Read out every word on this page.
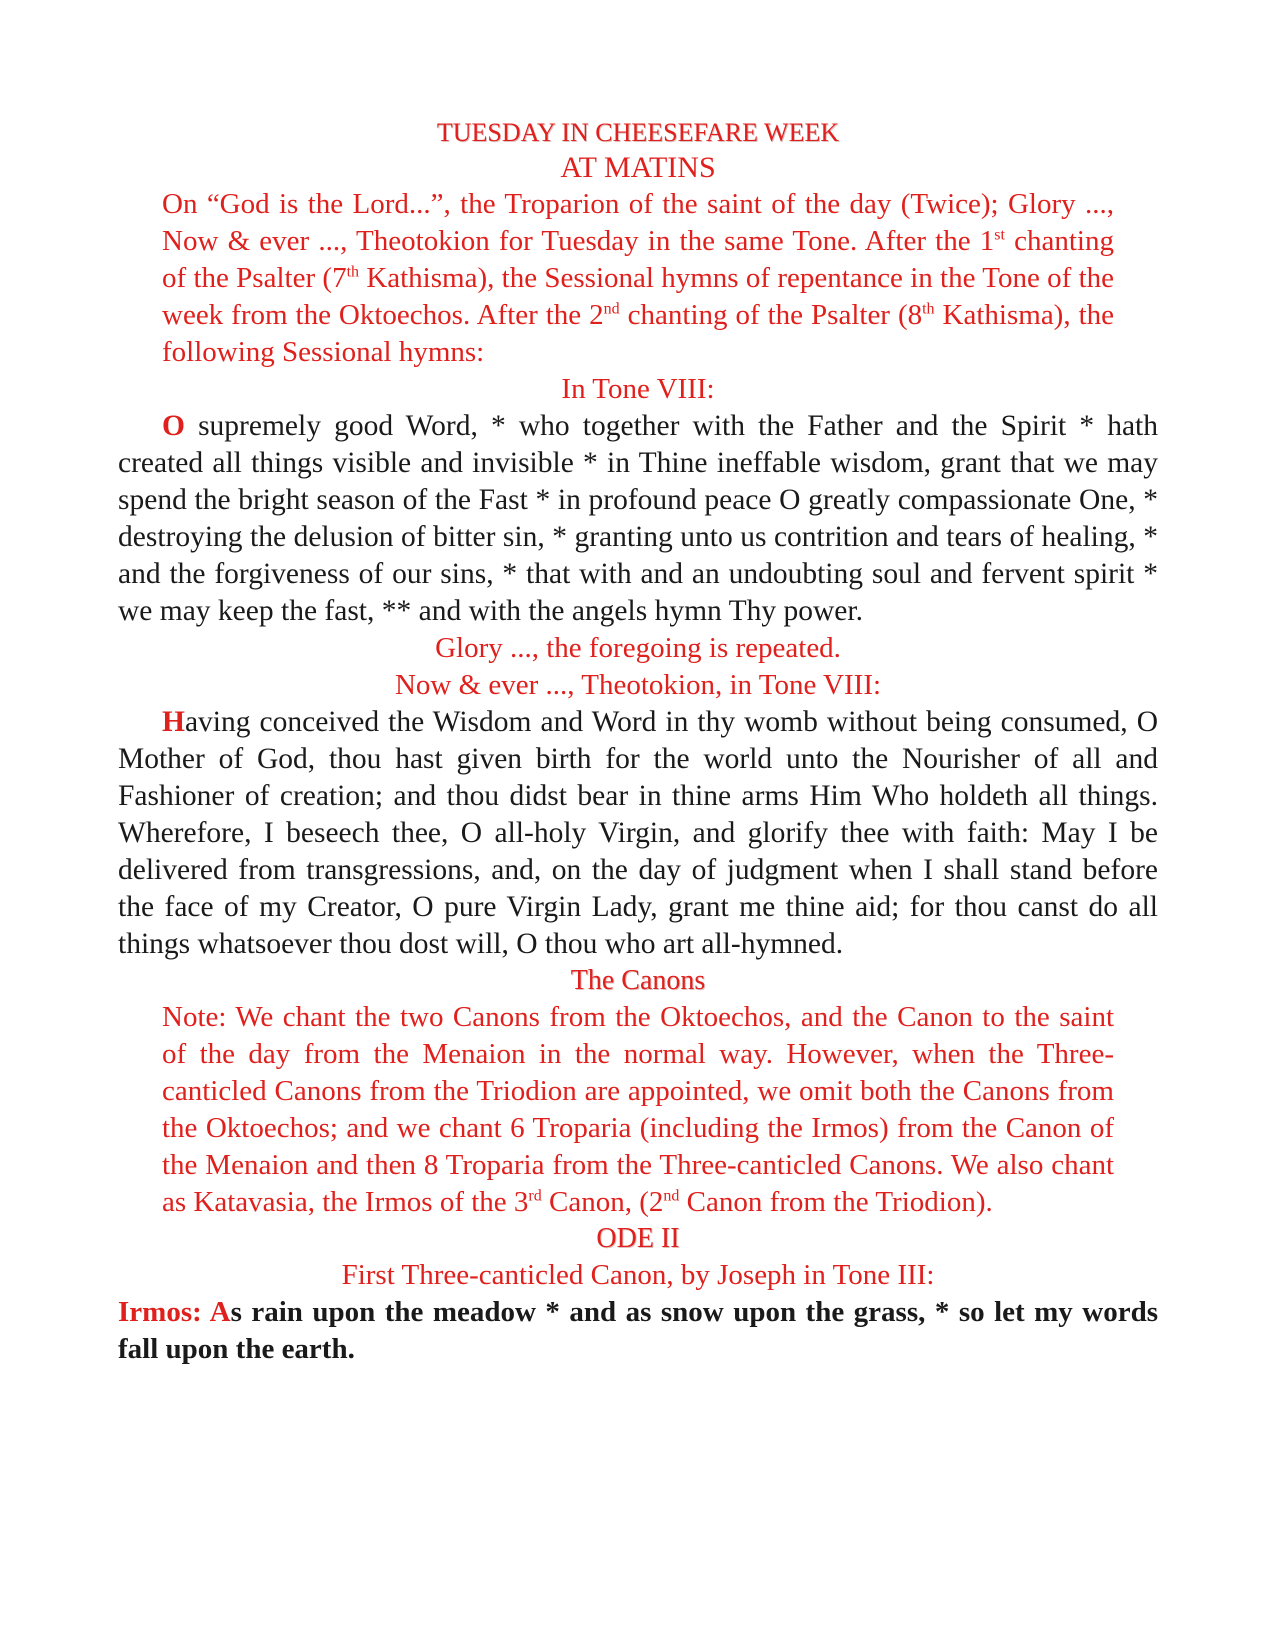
TUESDAY IN CHEESEFARE WEEK

AT MATINS

On “God is the Lord...”, the Troparion of the saint of the day (Twice); Glory ..., Now & ever ..., Theotokion for Tuesday in the same Tone. After the 1st chanting of the Psalter (7th Kathisma), the Sessional hymns of repentance in the Tone of the week from the Oktoechos. After the 2nd chanting of the Psalter (8th Kathisma), the following Sessional hymns:

In Tone VIII:

O supremely good Word, * who together with the Father and the Spirit * hath created all things visible and invisible * in Thine ineffable wisdom, grant that we may spend the bright season of the Fast * in profound peace O greatly compassionate One, * destroying the delusion of bitter sin, * granting unto us contrition and tears of healing, * and the forgiveness of our sins, * that with and an undoubting soul and fervent spirit * we may keep the fast, ** and with the angels hymn Thy power.

Glory ..., the foregoing is repeated.

Now & ever ..., Theotokion, in Tone VIII:

Having conceived the Wisdom and Word in thy womb without being consumed, O Mother of God, thou hast given birth for the world unto the Nourisher of all and Fashioner of creation; and thou didst bear in thine arms Him Who holdeth all things. Wherefore, I beseech thee, O all-holy Virgin, and glorify thee with faith: May I be delivered from transgressions, and, on the day of judgment when I shall stand before the face of my Creator, O pure Virgin Lady, grant me thine aid; for thou canst do all things whatsoever thou dost will, O thou who art all-hymned.

The Canons

Note: We chant the two Canons from the Oktoechos, and the Canon to the saint of the day from the Menaion in the normal way. However, when the Three-canticled Canons from the Triodion are appointed, we omit both the Canons from the Oktoechos; and we chant 6 Troparia (including the Irmos) from the Canon of the Menaion and then 8 Troparia from the Three-canticled Canons. We also chant as Katavasia, the Irmos of the 3rd Canon, (2nd Canon from the Triodion).

ODE II

First Three-canticled Canon, by Joseph in Tone III:

Irmos: As rain upon the meadow * and as snow upon the grass, * so let my words fall upon the earth.
